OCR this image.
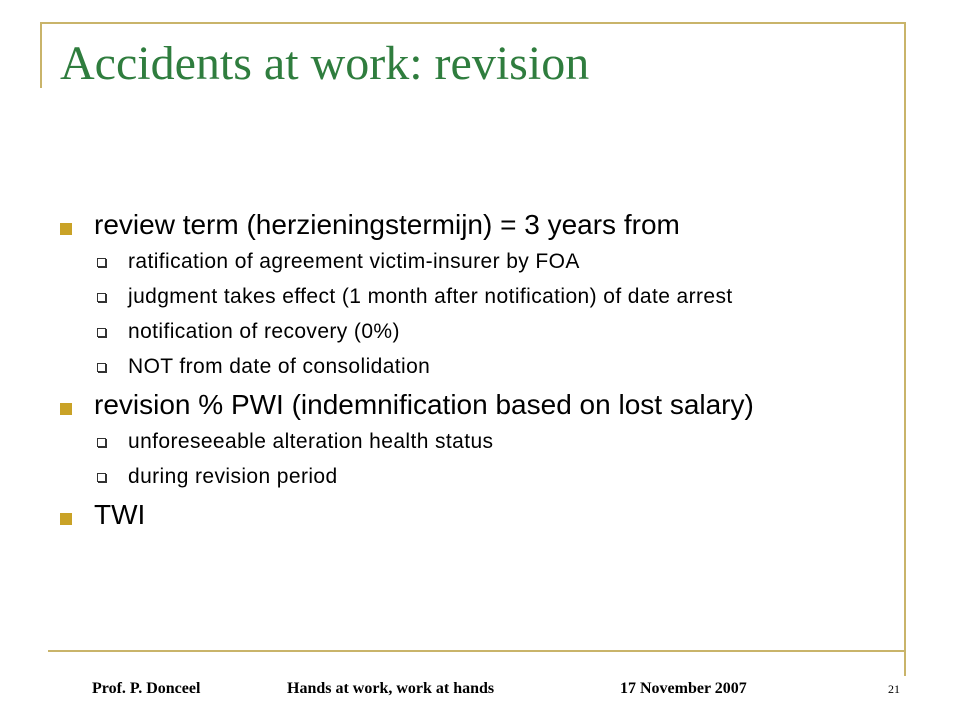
Accidents at work: revision
review term (herzieningstermijn) = 3 years from
ratification of agreement victim-insurer by FOA
judgment takes effect (1 month after notification) of date arrest
notification of recovery (0%)
NOT from date of consolidation
revision % PWI (indemnification based on lost salary)
unforeseeable alteration health status
during revision period
TWI
Prof. P. Donceel	Hands at work, work at hands	17 November 2007	21
